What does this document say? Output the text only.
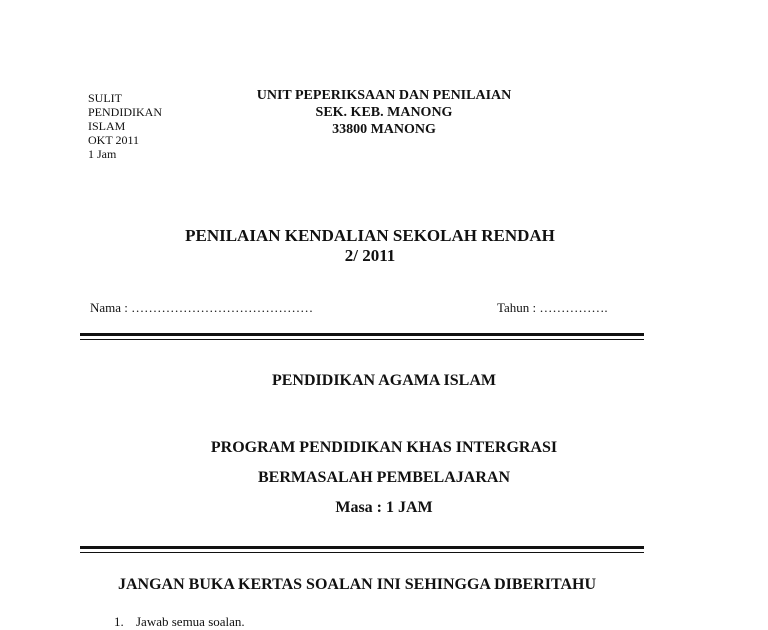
SULIT
PENDIDIKAN
ISLAM
OKT 2011
1 Jam
UNIT PEPERIKSAAN DAN PENILAIAN
SEK. KEB. MANONG
33800 MANONG
PENILAIAN KENDALIAN SEKOLAH RENDAH
2/ 2011
Nama : ……………………………………	Tahun : …………….
PENDIDIKAN AGAMA ISLAM
PROGRAM PENDIDIKAN KHAS INTERGRASI
BERMASALAH PEMBELAJARAN
Masa : 1 JAM
JANGAN BUKA KERTAS SOALAN INI SEHINGGA DIBERITAHU
1. Jawab semua soalan.
